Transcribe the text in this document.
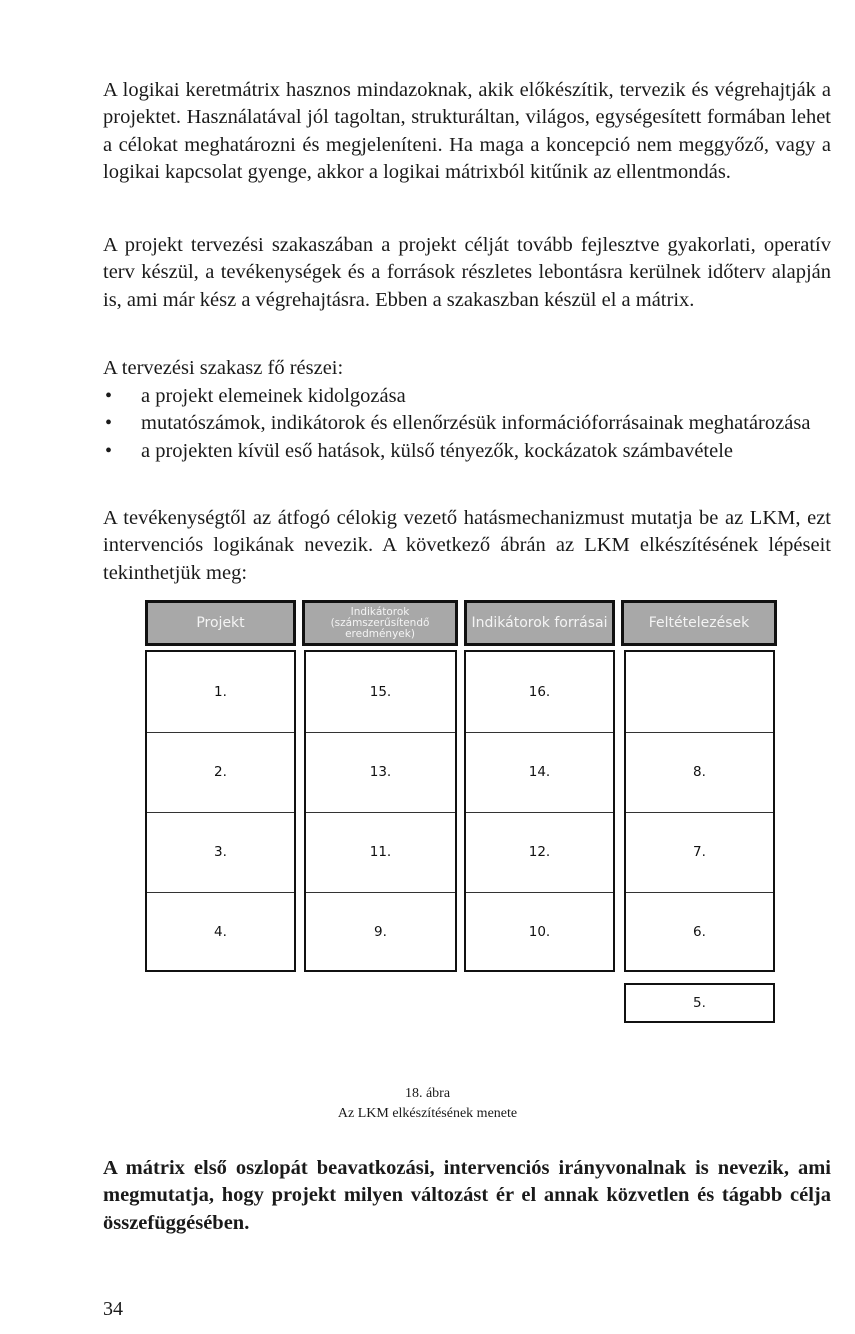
A logikai keretmátrix hasznos mindazoknak, akik előkészítik, tervezik és végrehajtják a projektet. Használatával jól tagoltan, strukturáltan, világos, egységesített formában lehet a célokat meghatározni és megjeleníteni. Ha maga a koncepció nem meggyőző, vagy a logikai kapcsolat gyenge, akkor a logikai mátrixból kitűnik az ellentmondás.

A projekt tervezési szakaszában a projekt célját tovább fejlesztve gyakorlati, operatív terv készül, a tevékenységek és a források részletes lebontásra kerülnek időterv alapján is, ami már kész a végrehajtásra. Ebben a szakaszban készül el a mátrix.

A tervezési szakasz fő részei:

• a projekt elemeinek kidolgozása
• mutatószámok, indikátorok és ellenőrzésük információforrásainak meghatározása
• a projekten kívül eső hatások, külső tényezők, kockázatok számbavétele

A tevékenységtől az átfogó célokig vezető hatásmechanizmust mutatja be az LKM, ezt intervenciós logikának nevezik. A következő ábrán az LKM elkészítésének lépéseit tekinthetjük meg:

Projekt
Indikátorok (számszerűsítendő eredmények)
Indikátorok forrásai	Feltételezések
1.
2.
3.
4.
15.
13.
11.
9.
16.
14.
12.
10.
8.
7.
6.
5.
18. ábra
Az LKM elkészítésének menete

A mátrix első oszlopát beavatkozási, intervenciós irányvonalnak is nevezik, ami megmutatja, hogy projekt milyen változást ér el annak közvetlen és tágabb célja összefüggésében.

34
